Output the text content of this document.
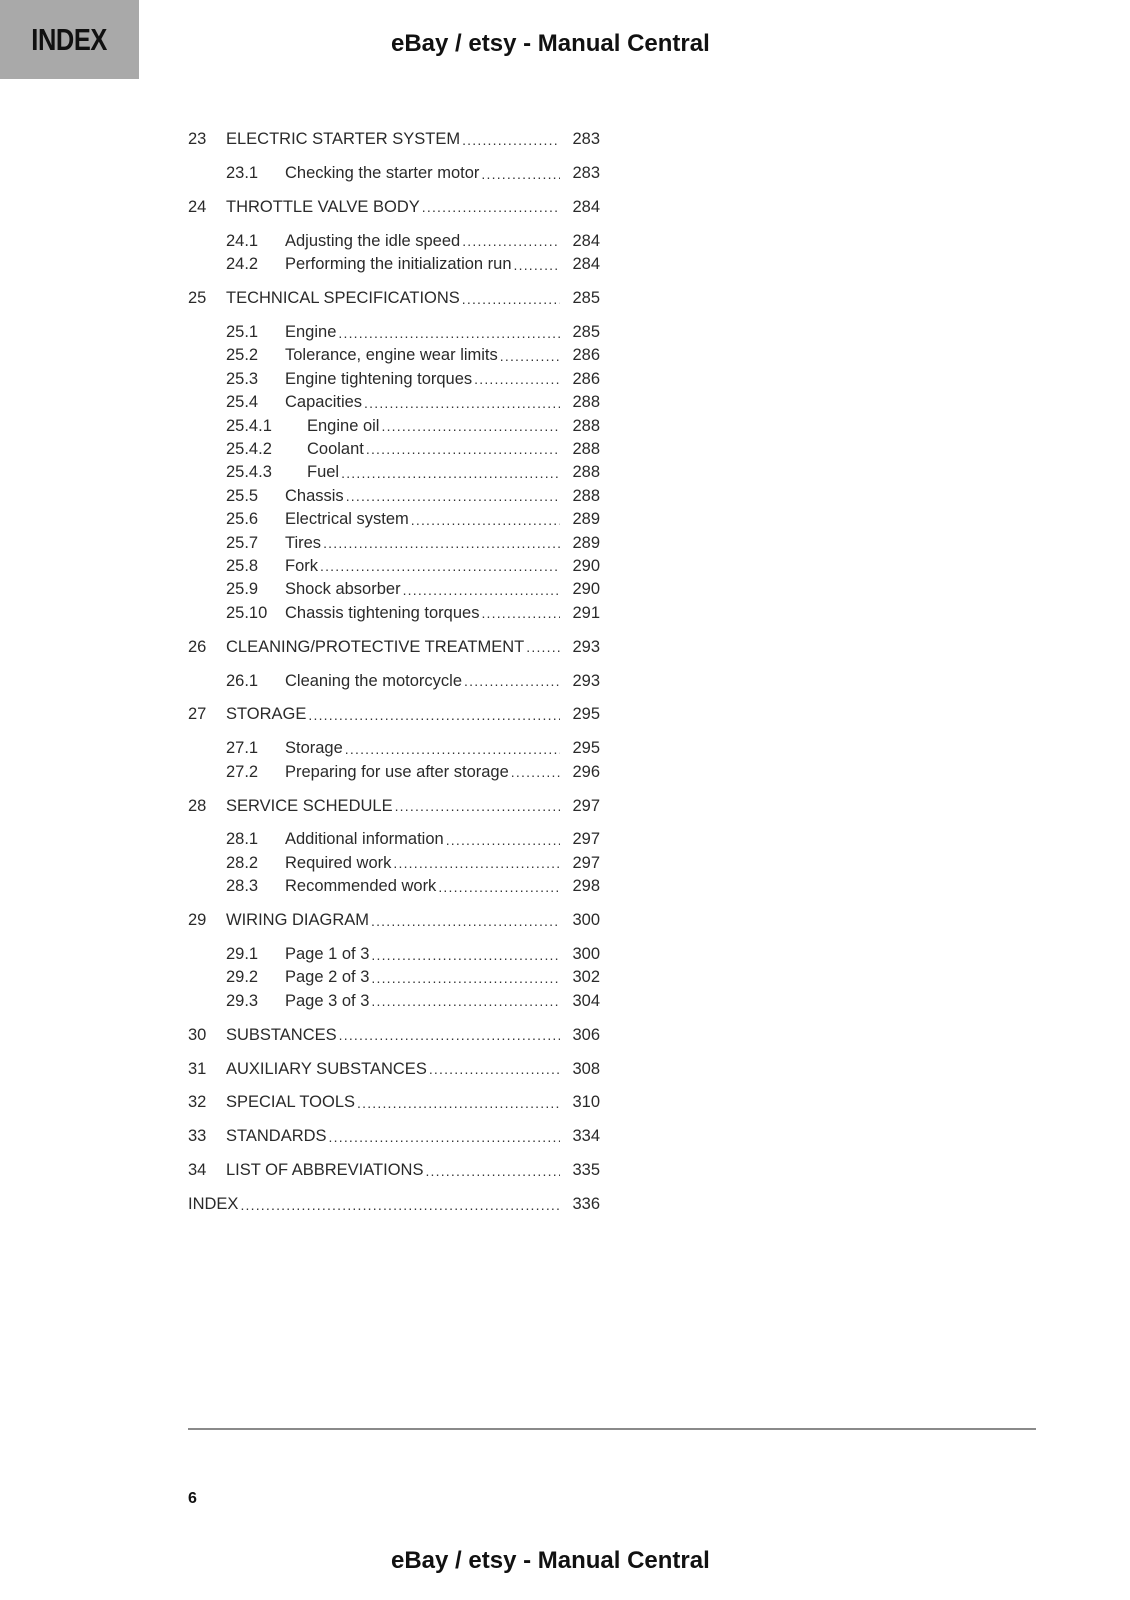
INDEX	eBay / etsy - Manual Central
23	ELECTRIC STARTER SYSTEM .....	283
23.1	Checking the starter motor .....	283
24	THROTTLE VALVE BODY .....	284
24.1	Adjusting the idle speed .....	284
24.2	Performing the initialization run .....	284
25	TECHNICAL SPECIFICATIONS .....	285
25.1	Engine .....	285
25.2	Tolerance, engine wear limits .....	286
25.3	Engine tightening torques .....	286
25.4	Capacities .....	288
25.4.1	Engine oil .....	288
25.4.2	Coolant .....	288
25.4.3	Fuel .....	288
25.5	Chassis .....	288
25.6	Electrical system .....	289
25.7	Tires .....	289
25.8	Fork .....	290
25.9	Shock absorber .....	290
25.10	Chassis tightening torques .....	291
26	CLEANING/PROTECTIVE TREATMENT .....	293
26.1	Cleaning the motorcycle .....	293
27	STORAGE .....	295
27.1	Storage .....	295
27.2	Preparing for use after storage .....	296
28	SERVICE SCHEDULE .....	297
28.1	Additional information .....	297
28.2	Required work .....	297
28.3	Recommended work .....	298
29	WIRING DIAGRAM .....	300
29.1	Page 1 of 3 .....	300
29.2	Page 2 of 3 .....	302
29.3	Page 3 of 3 .....	304
30	SUBSTANCES .....	306
31	AUXILIARY SUBSTANCES .....	308
32	SPECIAL TOOLS .....	310
33	STANDARDS .....	334
34	LIST OF ABBREVIATIONS .....	335
INDEX .....	336
6
eBay / etsy - Manual Central
